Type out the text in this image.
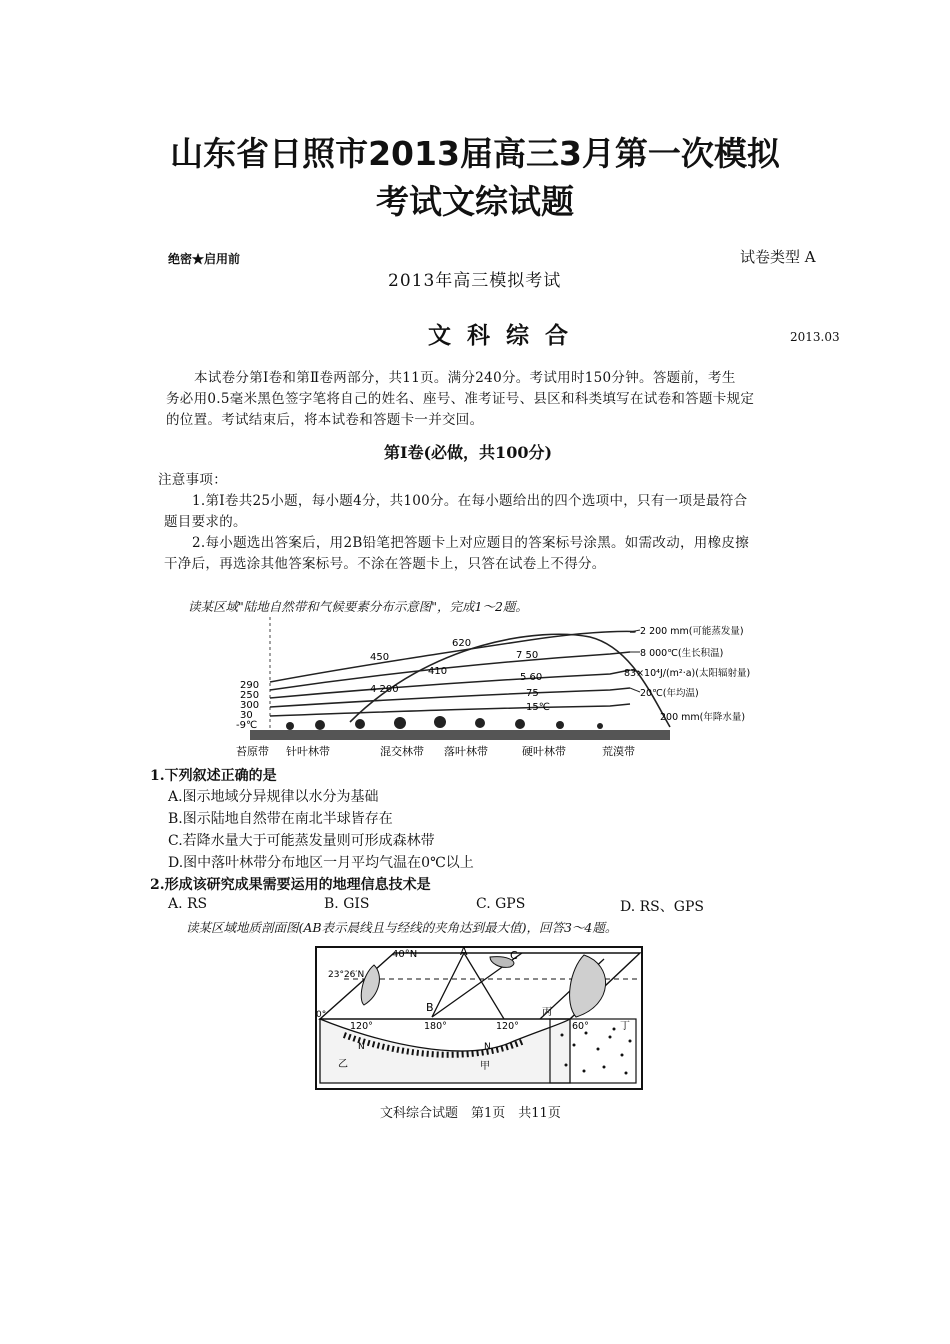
山东省日照市2013届高三3月第一次模拟
考试文综试题
绝密★启用前	试卷类型 A
2013年高三模拟考试
文 科 综 合	2013.03
本试卷分第Ⅰ卷和第Ⅱ卷两部分，共11页。满分240分。考试用时150分钟。答题前，考生
务必用0.5毫米黑色签字笔将自己的姓名、座号、准考证号、县区和科类填写在试卷和答题卡规定
的位置。考试结束后，将本试卷和答题卡一并交回。
第Ⅰ卷(必做，共100分)
注意事项：
1.第Ⅰ卷共25小题，每小题4分，共100分。在每小题给出的四个选项中，只有一项是最符合
题目要求的。
2.每小题选出答案后，用2B铅笔把答题卡上对应题目的答案标号涂黑。如需改动，用橡皮擦
干净后，再选涂其他答案标号。不涂在答题卡上，只答在试卷上不得分。
读某区域"陆地自然带和气候要素分布示意图"，完成1～2题。
290
250
300
30
-9℃
620
450
410
7 50
4 200
5 60
75
15℃
2 200 mm(可能蒸发量)
8 000℃(生长积温)
83×10⁴J/(m²·a)(太阳辐射量)
20℃(年均温)
200 mm(年降水量)
苔原带 针叶林带	混交林带 落叶林带	硬叶林带	荒漠带
1.下列叙述正确的是
A.图示地域分异规律以水分为基础
B.图示陆地自然带在南北半球皆存在
C.若降水量大于可能蒸发量则可形成森林带
D.图中落叶林带分布地区一月平均气温在0℃以上
2.形成该研究成果需要运用的地理信息技术是
A. RS	B. GIS	C. GPS	D. RS、GPS
读某区域地质剖面图(AB表示晨线且与经线的夹角达到最大值)，回答3～4题。
40°N
23°26′N
0°
A	C
B
180°
120°	120°
丙
60°
N	N
丁
甲
乙
文科综合试题　第1页　共11页
